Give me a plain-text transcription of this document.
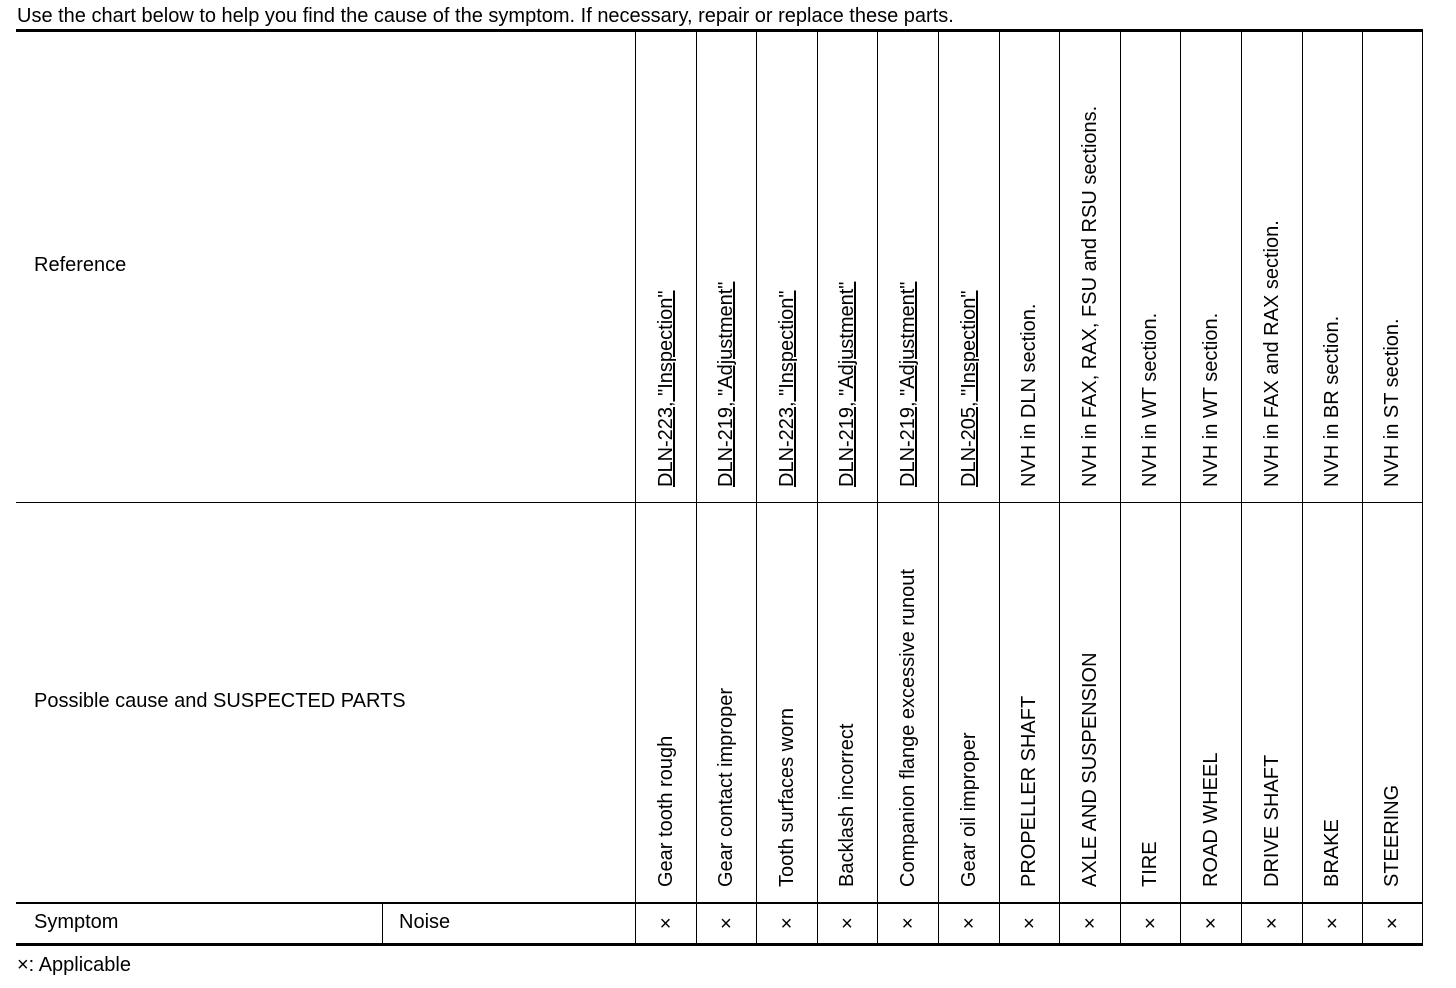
Use the chart below to help you find the cause of the symptom. If necessary, repair or replace these parts.
Reference
Possible cause and SUSPECTED PARTS
Symptom	Noise
DLN-223, "Inspection"
Gear tooth rough
×
DLN-219, "Adjustment"
Gear contact improper
×
DLN-223, "Inspection"
Tooth surfaces worn
×
DLN-219, "Adjustment"
Backlash incorrect
×
DLN-219, "Adjustment"
Companion flange excessive runout
×
DLN-205, "Inspection"
Gear oil improper
×
NVH in DLN section.
PROPELLER SHAFT
×
NVH in FAX, RAX, FSU and RSU sections.
AXLE AND SUSPENSION
×
NVH in WT section.
TIRE
×
NVH in WT section.
ROAD WHEEL
×
NVH in FAX and RAX section.
DRIVE SHAFT
×
NVH in BR section.
BRAKE
×
NVH in ST section.
STEERING
×
×: Applicable
